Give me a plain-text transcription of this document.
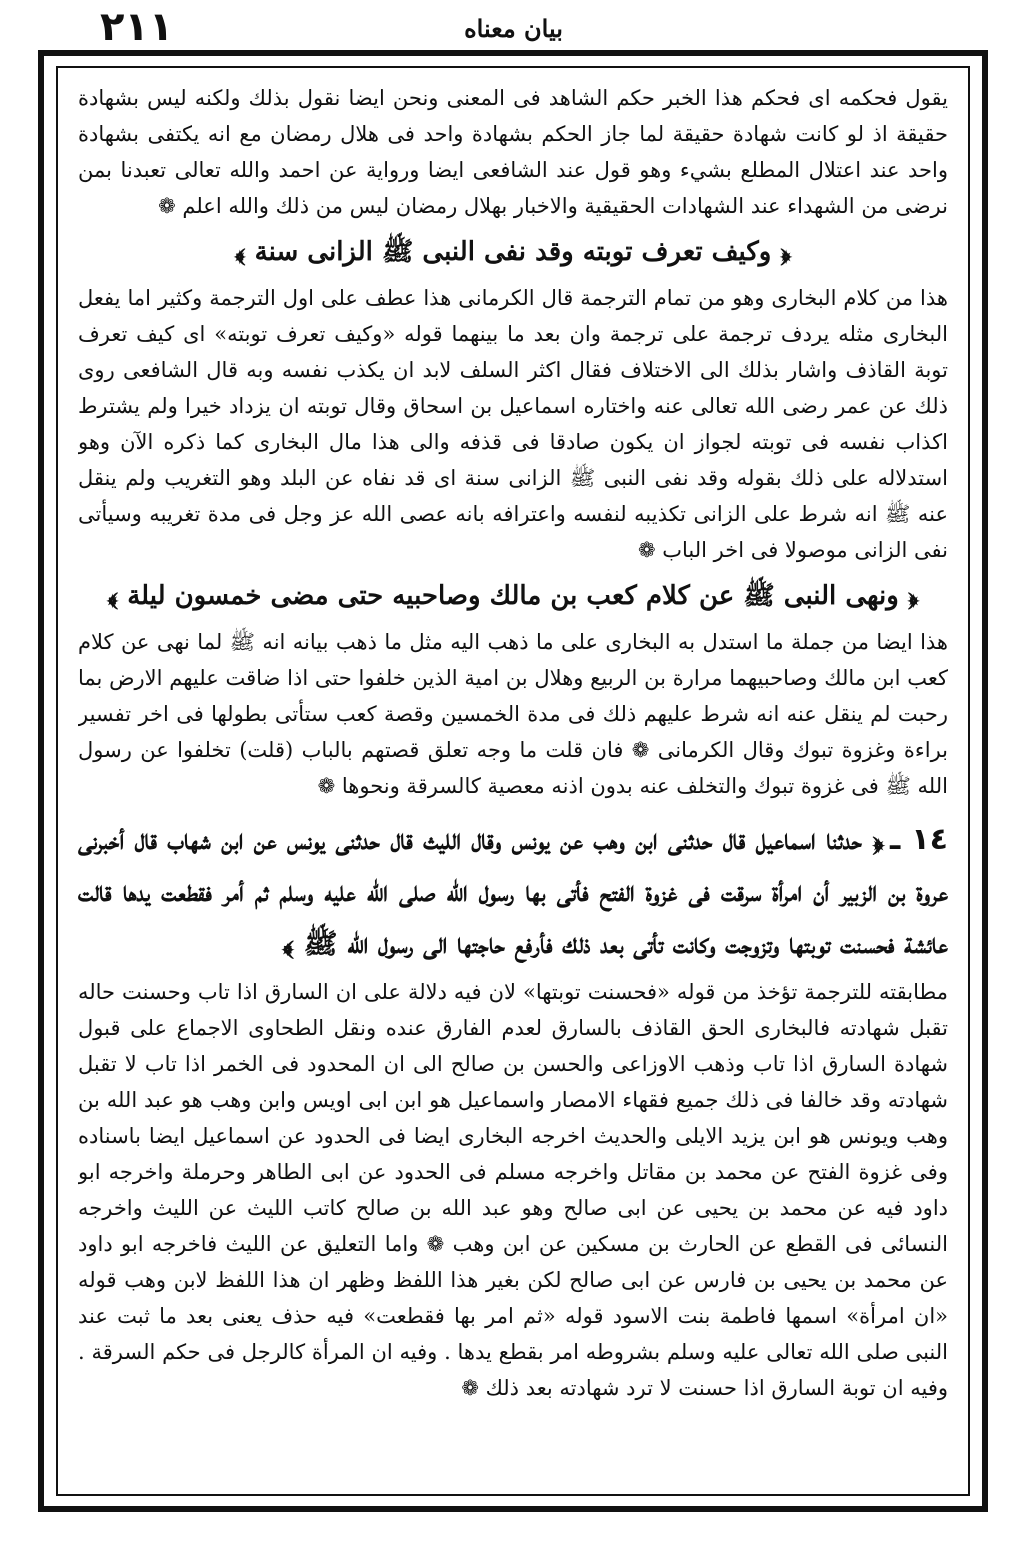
٢١١	بيان معناه

يقول فحكمه اى فحكم هذا الخبر حكم الشاهد فى المعنى ونحن ايضا نقول بذلك ولكنه ليس بشهادة حقيقة اذ لو كانت شهادة حقيقة لما جاز الحكم بشهادة واحد فى هلال رمضان مع انه يكتفى بشهادة واحد عند اعتلال المطلع بشيء وهو قول عند الشافعى ايضا ورواية عن احمد والله تعالى تعبدنا بمن نرضى من الشهداء عند الشهادات الحقيقية والاخبار بهلال رمضان ليس من ذلك والله اعلم ❁

﴿ وكيف تعرف توبته وقد نفى النبى ﷺ الزانى سنة ﴾

هذا من كلام البخارى وهو من تمام الترجمة قال الكرمانى هذا عطف على اول الترجمة وكثير اما يفعل البخارى مثله يردف ترجمة على ترجمة وان بعد ما بينهما قوله «وكيف تعرف توبته» اى كيف تعرف توبة القاذف واشار بذلك الى الاختلاف فقال اكثر السلف لابد ان يكذب نفسه وبه قال الشافعى روى ذلك عن عمر رضى الله تعالى عنه واختاره اسماعيل بن اسحاق وقال توبته ان يزداد خيرا ولم يشترط اكذاب نفسه فى توبته لجواز ان يكون صادقا فى قذفه والى هذا مال البخارى كما ذكره الآن وهو استدلاله على ذلك بقوله وقد نفى النبى ﷺ الزانى سنة اى قد نفاه عن البلد وهو التغريب ولم ينقل عنه ﷺ انه شرط على الزانى تكذيبه لنفسه واعترافه بانه عصى الله عز وجل فى مدة تغريبه وسيأتى نفى الزانى موصولا فى اخر الباب ❁

﴿ ونهى النبى ﷺ عن كلام كعب بن مالك وصاحبيه حتى مضى خمسون ليلة ﴾

هذا ايضا من جملة ما استدل به البخارى على ما ذهب اليه مثل ما ذهب بيانه انه ﷺ لما نهى عن كلام كعب ابن مالك وصاحبيهما مرارة بن الربيع وهلال بن امية الذين خلفوا حتى اذا ضاقت عليهم الارض بما رحبت لم ينقل عنه انه شرط عليهم ذلك فى مدة الخمسين وقصة كعب ستأتى بطولها فى اخر تفسير براءة وغزوة تبوك وقال الكرمانى ❁ فان قلت ما وجه تعلق قصتهم بالباب (قلت) تخلفوا عن رسول الله ﷺ فى غزوة تبوك والتخلف عنه بدون اذنه معصية كالسرقة ونحوها ❁

١٤ ـ﴿ حدثنا اسماعيل قال حدثنى ابن وهب عن يونس وقال الليث قال حدثنى يونس عن ابن شهاب قال أخبرنى عروة بن الزبير أن امرأة سرقت فى غزوة الفتح فأتى بها رسول الله صلى الله عليه وسلم ثم أمر فقطعت يدها قالت عائشة فحسنت توبتها وتزوجت وكانت تأتى بعد ذلك فأرفع حاجتها الى رسول الله ﷺ ﴾

مطابقته للترجمة تؤخذ من قوله «فحسنت توبتها» لان فيه دلالة على ان السارق اذا تاب وحسنت حاله تقبل شهادته فالبخارى الحق القاذف بالسارق لعدم الفارق عنده ونقل الطحاوى الاجماع على قبول شهادة السارق اذا تاب وذهب الاوزاعى والحسن بن صالح الى ان المحدود فى الخمر اذا تاب لا تقبل شهادته وقد خالفا فى ذلك جميع فقهاء الامصار واسماعيل هو ابن ابى اويس وابن وهب هو عبد الله بن وهب ويونس هو ابن يزيد الايلى والحديث اخرجه البخارى ايضا فى الحدود عن اسماعيل ايضا باسناده وفى غزوة الفتح عن محمد بن مقاتل واخرجه مسلم فى الحدود عن ابى الطاهر وحرملة واخرجه ابو داود فيه عن محمد بن يحيى عن ابى صالح وهو عبد الله بن صالح كاتب الليث عن الليث واخرجه النسائى فى القطع عن الحارث بن مسكين عن ابن وهب ❁ واما التعليق عن الليث فاخرجه ابو داود عن محمد بن يحيى بن فارس عن ابى صالح لكن بغير هذا اللفظ وظهر ان هذا اللفظ لابن وهب قوله «ان امرأة» اسمها فاطمة بنت الاسود قوله «ثم امر بها فقطعت» فيه حذف يعنى بعد ما ثبت عند النبى صلى الله تعالى عليه وسلم بشروطه امر بقطع يدها . وفيه ان المرأة كالرجل فى حكم السرقة . وفيه ان توبة السارق اذا حسنت لا ترد شهادته بعد ذلك ❁
